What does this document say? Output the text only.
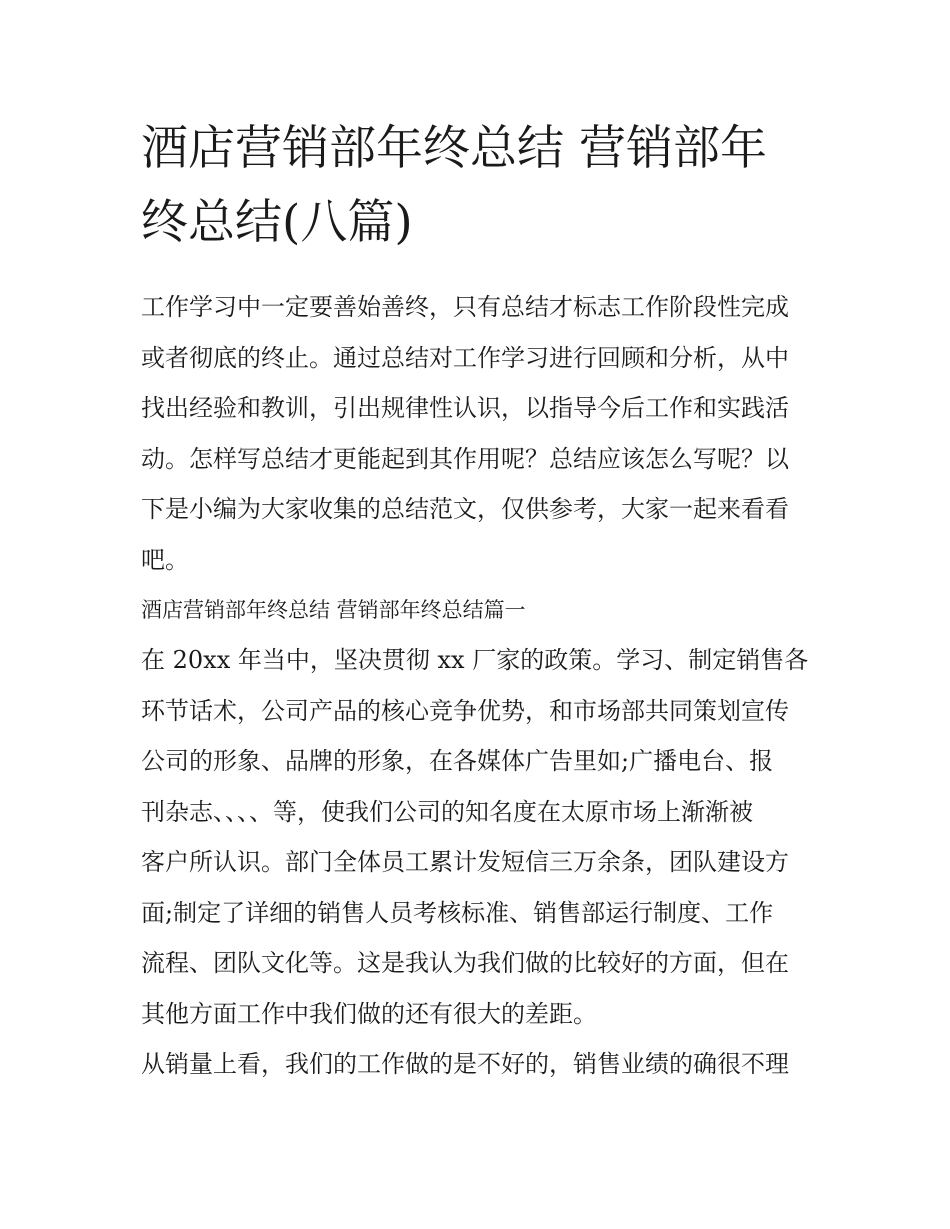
酒店营销部年终总结 营销部年
终总结(八篇)
工作学习中一定要善始善终，只有总结才标志工作阶段性完成
或者彻底的终止。通过总结对工作学习进行回顾和分析，从中
找出经验和教训，引出规律性认识，以指导今后工作和实践活
动。怎样写总结才更能起到其作用呢？总结应该怎么写呢？以
下是小编为大家收集的总结范文，仅供参考，大家一起来看看
吧。
酒店营销部年终总结 营销部年终总结篇一
在 20xx 年当中，坚决贯彻 xx 厂家的政策。学习、制定销售各
环节话术，公司产品的核心竞争优势，和市场部共同策划宣传
公司的形象、品牌的形象，在各媒体广告里如;广播电台、报
刊杂志、、、、等，使我们公司的知名度在太原市场上渐渐被
客户所认识。部门全体员工累计发短信三万余条，团队建设方
面;制定了详细的销售人员考核标准、销售部运行制度、工作
流程、团队文化等。这是我认为我们做的比较好的方面，但在
其他方面工作中我们做的还有很大的差距。
从销量上看，我们的工作做的是不好的，销售业绩的确很不理
